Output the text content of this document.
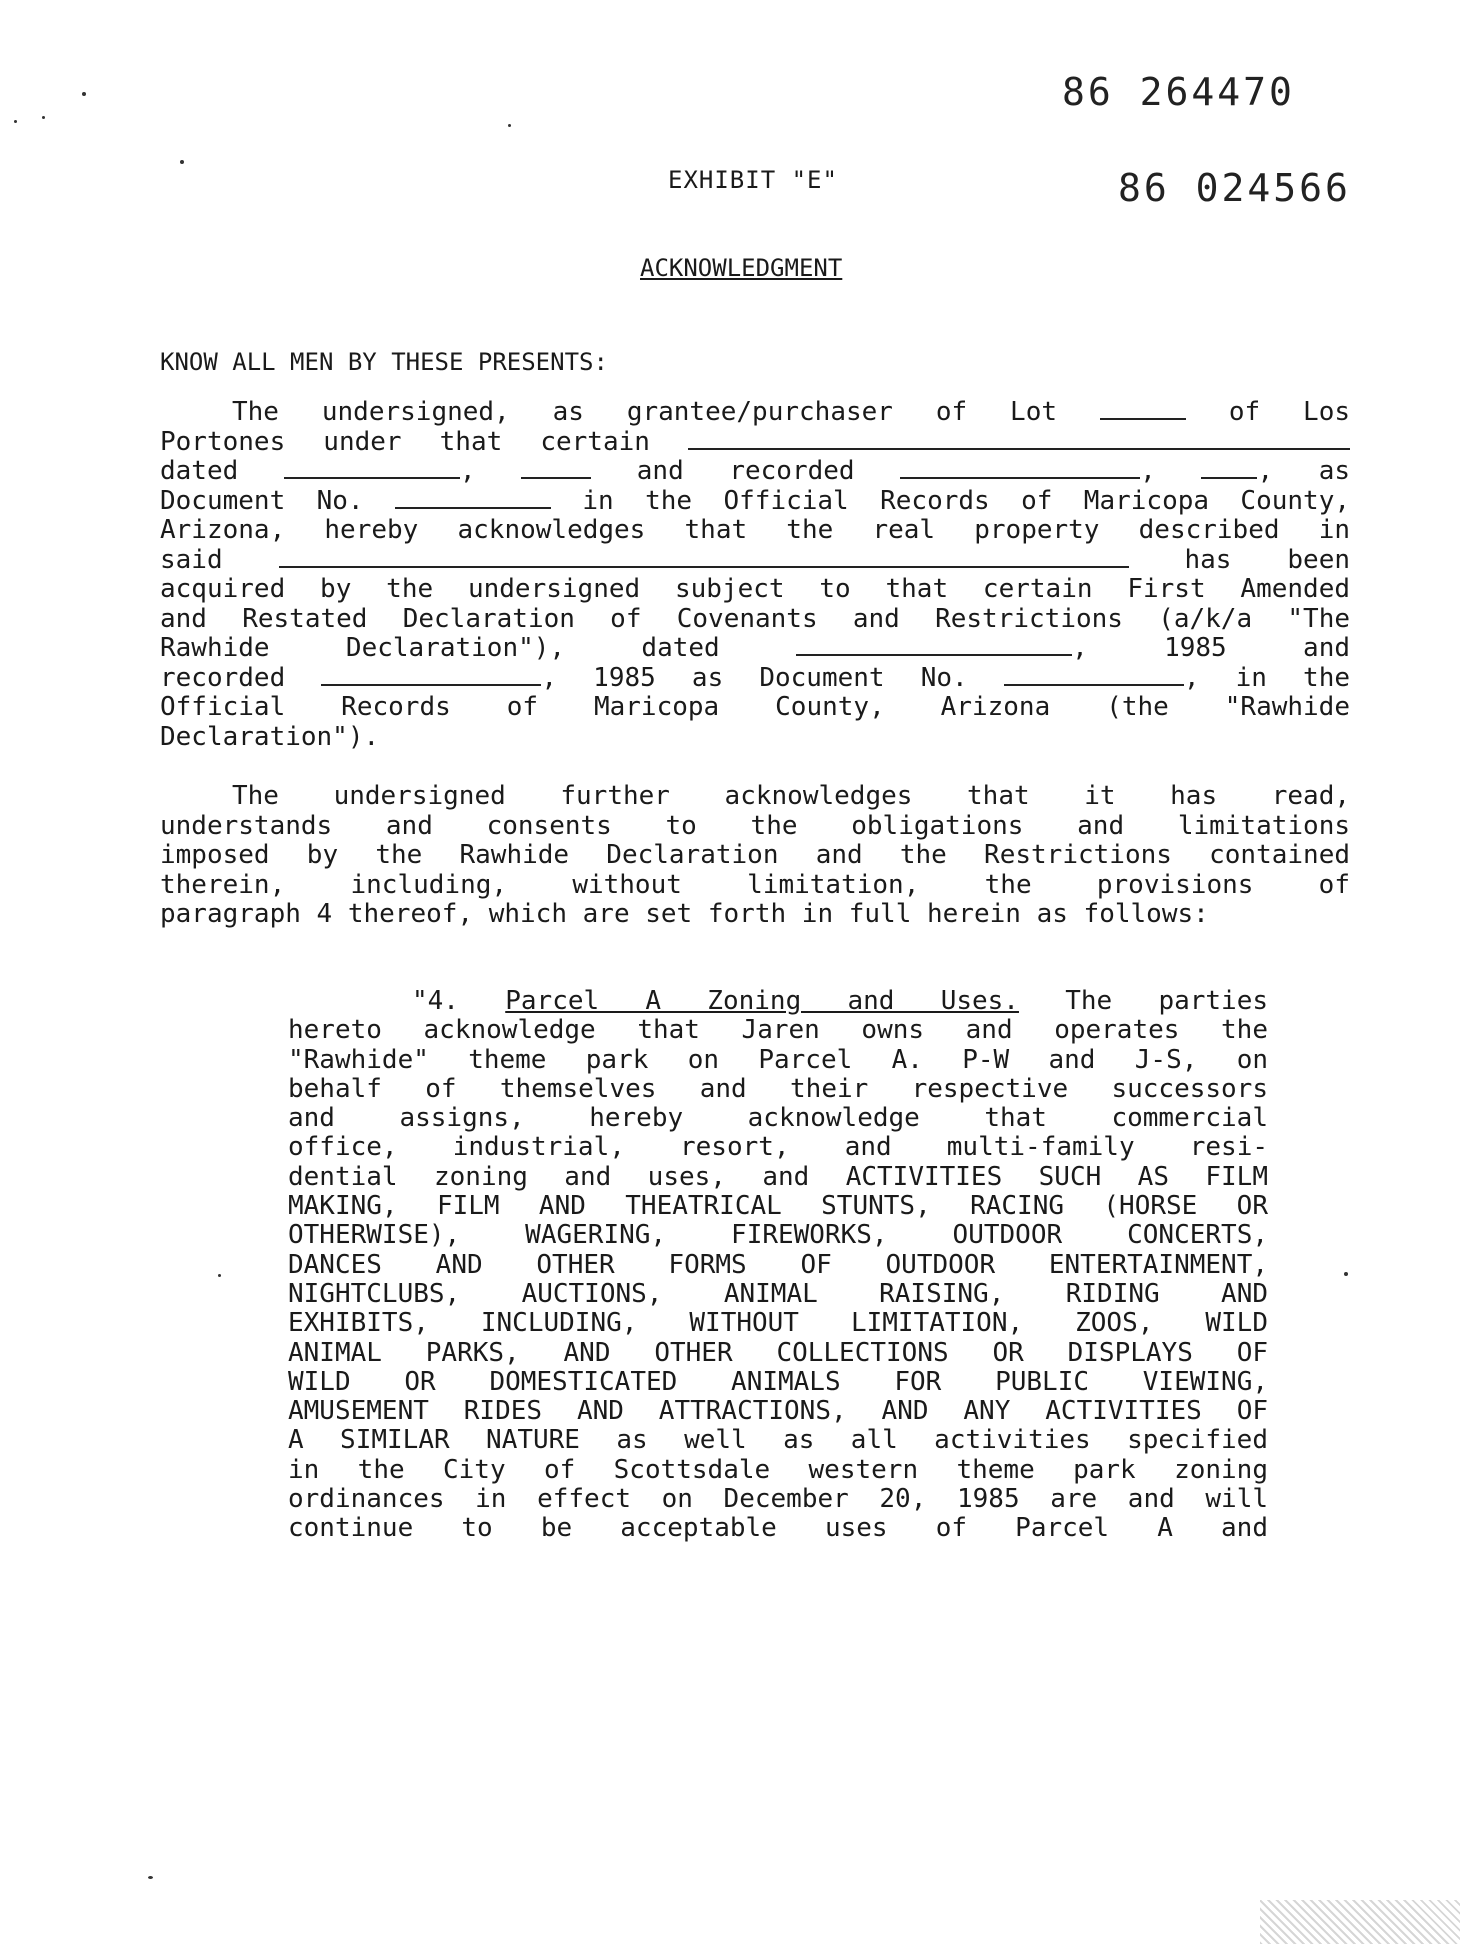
86 264470
EXHIBIT "E"	86 024566
ACKNOWLEDGMENT
KNOW ALL MEN BY THESE PRESENTS:
The undersigned, as grantee/purchaser of Lot	of Los
Portones under that certain
dated	,	and recorded	,	, as
Document No.	in the Official Records of Maricopa County,
Arizona, hereby acknowledges that the real property described in
said	has been
acquired by the undersigned subject to that certain First Amended
and Restated Declaration of Covenants and Restrictions (a/k/a "The
Rawhide Declaration"), dated	, 1985 and
recorded	, 1985 as Document No.	, in the
Official Records of Maricopa County, Arizona (the "Rawhide
Declaration").
The undersigned further acknowledges that it has read,
understands and consents to the obligations and limitations
imposed by the Rawhide Declaration and the Restrictions contained
therein, including, without limitation, the provisions of
paragraph 4 thereof, which are set forth in full herein as follows:
"4. Parcel A Zoning and Uses. The parties
hereto acknowledge that Jaren owns and operates the
"Rawhide" theme park on Parcel A. P-W and J-S, on
behalf of themselves and their respective successors
and assigns, hereby acknowledge that commercial
office, industrial, resort, and multi-family resi-
dential zoning and uses, and ACTIVITIES SUCH AS FILM
MAKING, FILM AND THEATRICAL STUNTS, RACING (HORSE OR
OTHERWISE), WAGERING, FIREWORKS, OUTDOOR CONCERTS,
DANCES AND OTHER FORMS OF OUTDOOR ENTERTAINMENT,
NIGHTCLUBS, AUCTIONS, ANIMAL RAISING, RIDING AND
EXHIBITS, INCLUDING, WITHOUT LIMITATION, ZOOS, WILD
ANIMAL PARKS, AND OTHER COLLECTIONS OR DISPLAYS OF
WILD OR DOMESTICATED ANIMALS FOR PUBLIC VIEWING,
AMUSEMENT RIDES AND ATTRACTIONS, AND ANY ACTIVITIES OF
A SIMILAR NATURE as well as all activities specified
in the City of Scottsdale western theme park zoning
ordinances in effect on December 20, 1985 are and will
continue to be acceptable uses of Parcel A and
